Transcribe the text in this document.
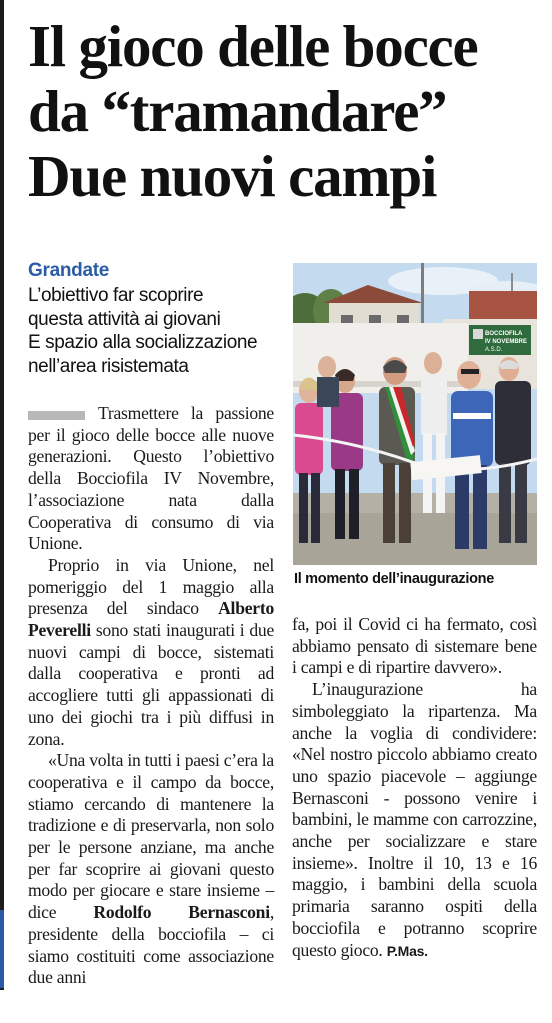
Il gioco delle bocce
da “tramandare”
Due nuovi campi
Grandate
L’obiettivo far scoprire
questa attività ai giovani
E spazio alla socializzazione
nell’area risistemata
BOCCIOFILA
IV NOVEMBRE
A.S.D.
Il momento dell’inaugurazione

Trasmettere la passione per il gioco delle bocce alle nuove generazioni. Questo l’obiettivo della Bocciofila IV Novembre, l’associazione nata dalla Cooperativa di consumo di via Unione.

Proprio in via Unione, nel pomeriggio del 1 maggio alla presenza del sindaco Alberto Peverelli sono stati inaugurati i due nuovi campi di bocce, sistemati dalla cooperativa e pronti ad accogliere tutti gli appassionati di uno dei giochi tra i più diffusi in zona.

«Una volta in tutti i paesi c’era la cooperativa e il campo da bocce, stiamo cercando di mantenere la tradizione e di preservarla, non solo per le persone anziane, ma anche per far scoprire ai giovani questo modo per giocare e stare insieme – dice Rodolfo Bernasconi, presidente della bocciofila – ci siamo costituiti come associazione due anni

fa, poi il Covid ci ha fermato, così abbiamo pensato di sistemare bene i campi e di ripartire davvero».

L’inaugurazione ha simboleggiato la ripartenza. Ma anche la voglia di condividere: «Nel nostro piccolo abbiamo creato uno spazio piacevole – aggiunge Bernasconi - possono venire i bambini, le mamme con carrozzine, anche per socializzare e stare insieme». Inoltre il 10, 13 e 16 maggio, i bambini della scuola primaria saranno ospiti della bocciofila e potranno scoprire questo gioco. P.Mas.
